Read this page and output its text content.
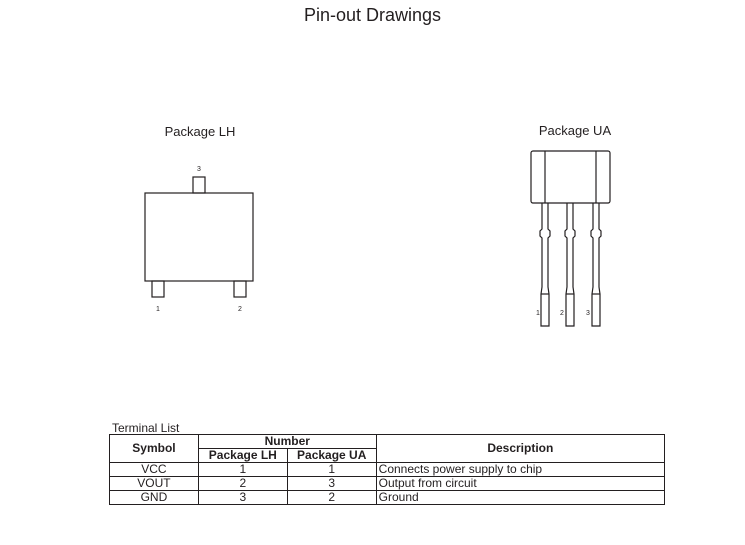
Pin-out Drawings
Package LH	Package UA
3
1	2
1	2	3
Terminal List
Symbol	Number		Description
	Package LH	Package UA	
VCC	1	1	Connects power supply to chip
VOUT	2	3	Output from circuit
GND	3	2	Ground
